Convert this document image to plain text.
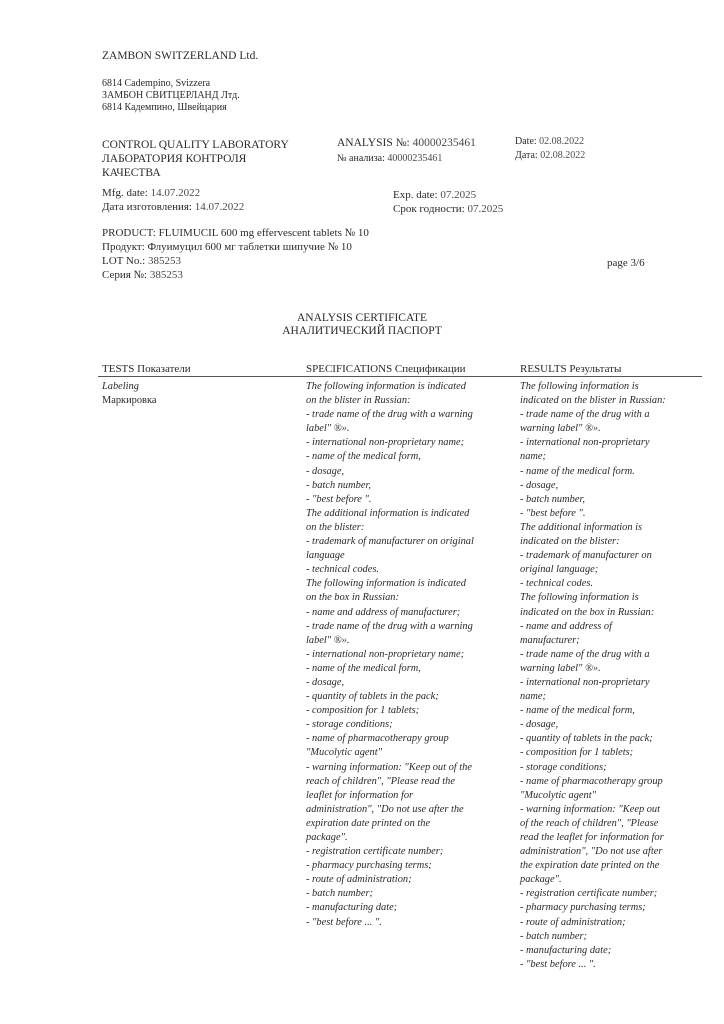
ZAMBON SWITZERLAND Ltd.
6814 Cadempino, Svizzera
ЗАМБОН СВИТЦЕРЛАНД Лтд.
6814 Кадемпино, Швейцария
CONTROL QUALITY LABORATORY
ЛАБОРАТОРИЯ КОНТРОЛЯ
КАЧЕСТВА
ANALYSIS №: 40000235461
№ анализа: 40000235461
Date: 02.08.2022
Дата: 02.08.2022
Mfg. date: 14.07.2022
Дата изготовления: 14.07.2022
Exp. date: 07.2025
Срок годности: 07.2025
PRODUCT: FLUIMUCIL 600 mg effervescent tablets № 10
Продукт: Флуимуцил 600 мг таблетки шипучие № 10
LOT No.: 385253
Серия №: 385253
page 3/6
ANALYSIS CERTIFICATE
АНАЛИТИЧЕСКИЙ ПАСПОРТ
TESTS Показатели	SPECIFICATIONS Спецификации	RESULTS Результаты
Labeling
Маркировка
The following information is indicated
on the blister in Russian:
- trade name of the drug with a warning
label" ®».
- international non-proprietary name;
- name of the medical form,
- dosage,
- batch number,
- "best before ".
The additional information is indicated
on the blister:
- trademark of manufacturer on original
language
- technical codes.
The following information is indicated
on the box in Russian:
- name and address of manufacturer;
- trade name of the drug with a warning
label" ®».
- international non-proprietary name;
- name of the medical form,
- dosage,
- quantity of tablets in the pack;
- composition for 1 tablets;
- storage conditions;
- name of pharmacotherapy group
"Mucolytic agent"
- warning information: "Keep out of the
reach of children", "Please read the
leaflet for information for
administration", "Do not use after the
expiration date printed on the
package".
- registration certificate number;
- pharmacy purchasing terms;
- route of administration;
- batch number;
- manufacturing date;
- "best before ... ".
The following information is
indicated on the blister in Russian:
- trade name of the drug with a
warning label" ®».
- international non-proprietary
name;
- name of the medical form.
- dosage,
- batch number,
- "best before ".
The additional information is
indicated on the blister:
- trademark of manufacturer on
original language;
- technical codes.
The following information is
indicated on the box in Russian:
- name and address of
manufacturer;
- trade name of the drug with a
warning label" ®».
- international non-proprietary
name;
- name of the medical form,
- dosage,
- quantity of tablets in the pack;
- composition for 1 tablets;
- storage conditions;
- name of pharmacotherapy group
"Mucolytic agent"
- warning information: "Keep out
of the reach of children", "Please
read the leaflet for information for
administration", "Do not use after
the expiration date printed on the
package".
- registration certificate number;
- pharmacy purchasing terms;
- route of administration;
- batch number;
- manufacturing date;
- "best before ... ".
